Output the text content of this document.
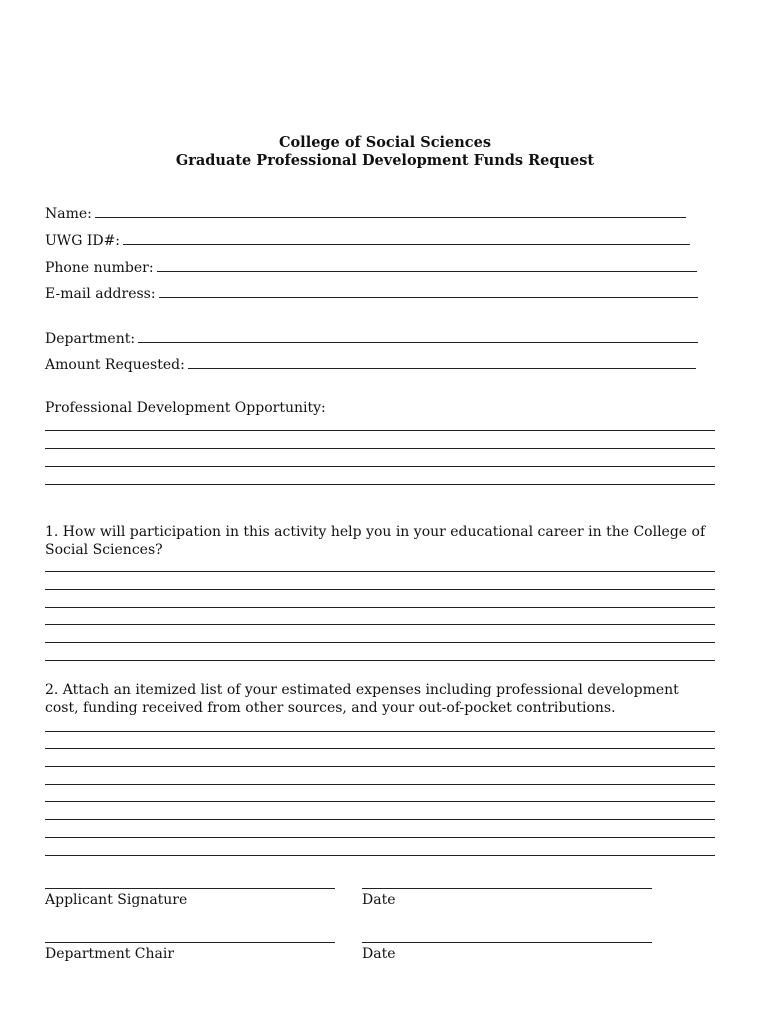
College of Social Sciences
Graduate Professional Development Funds Request
Name:
UWG ID#:
Phone number:
E-mail address:
Department:
Amount Requested:
Professional Development Opportunity:
1. How will participation in this activity help you in your educational career in the College of Social Sciences?
2. Attach an itemized list of your estimated expenses including professional development cost, funding received from other sources, and your out-of-pocket contributions.
Applicant Signature	Date
Department Chair	Date
